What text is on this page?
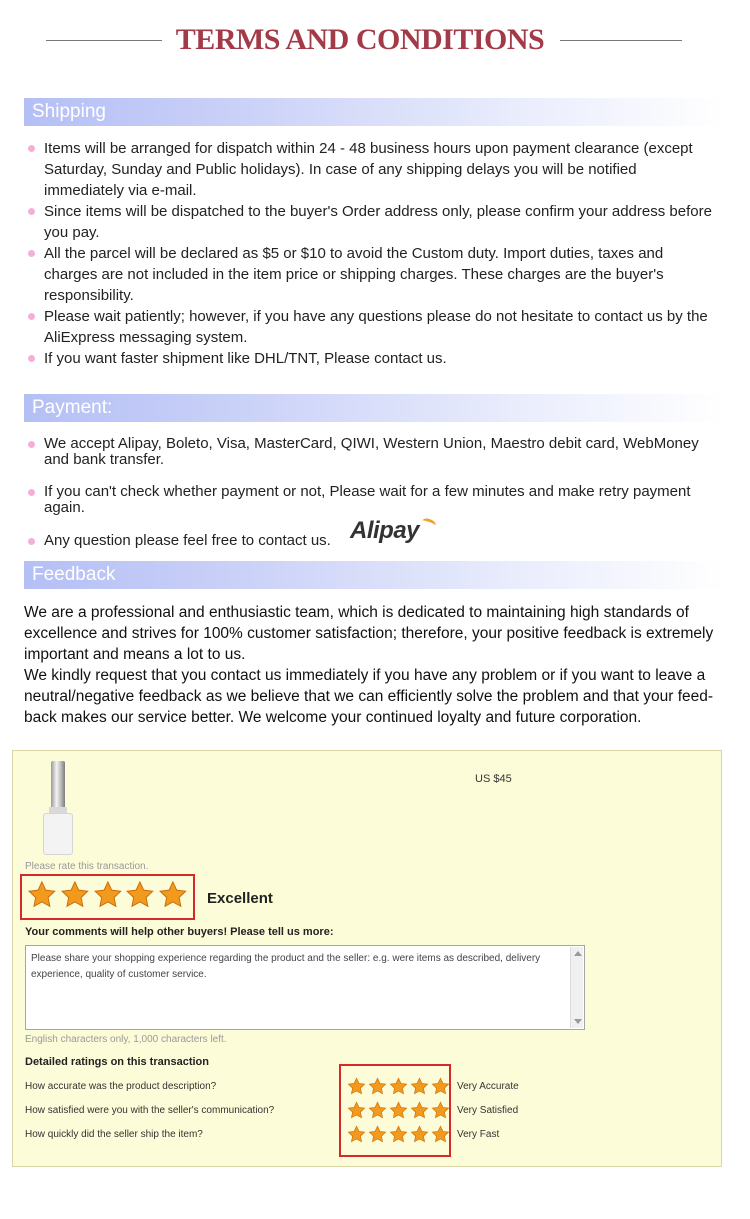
TERMS AND CONDITIONS
Shipping
Items will be arranged for dispatch within 24 - 48 business hours upon payment clearance (except Saturday, Sunday and Public holidays). In case of any shipping delays you will be notified immediately via e-mail.
Since items will be dispatched to the buyer's Order address only, please confirm your address before you pay.
All the parcel will be declared as $5 or $10 to avoid the Custom duty. Import duties, taxes and charges are not included in the item price or shipping charges. These charges are the buyer's responsibility.
Please wait patiently; however, if you have any questions please do not hesitate to contact us by the AliExpress messaging system.
If you want faster shipment like DHL/TNT, Please contact us.
Payment:
We accept Alipay, Boleto, Visa, MasterCard, QIWI, Western Union, Maestro debit card, WebMoney and bank transfer.
If you can't check whether payment or not, Please wait for a few minutes and make retry payment again.
Any question please feel free to contact us. Alipay
Feedback

We are a professional and enthusiastic team, which is dedicated to maintaining high standards of excellence and strives for 100% customer satisfaction; therefore, your positive feedback is extremely important and means a lot to us.

We kindly request that you contact us immediately if you have any problem or if you want to leave a neutral/negative feedback as we believe that we can efficiently solve the problem and that your feed-back makes our service better. We welcome your continued loyalty and future corporation.

US $45
Please rate this transaction.
Excellent
Your comments will help other buyers! Please tell us more:
Please share your shopping experience regarding the product and the seller: e.g. were items as described, delivery experience, quality of customer service.
English characters only, 1,000 characters left.
Detailed ratings on this transaction
How accurate was the product description?
How satisfied were you with the seller's communication?
How quickly did the seller ship the item?
Very Accurate
Very Satisfied
Very Fast
